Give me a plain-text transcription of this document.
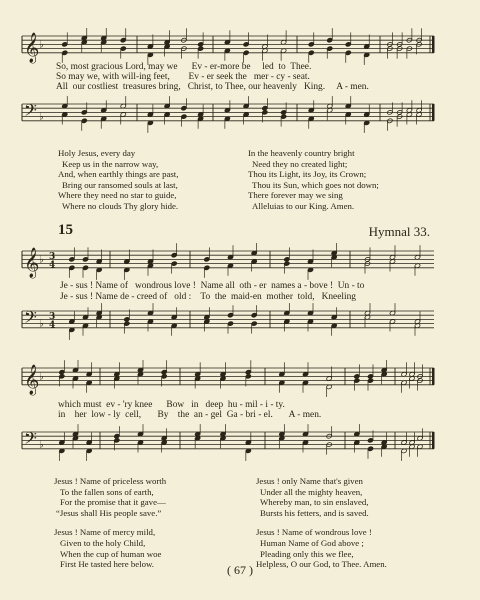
𝄞 ♭
So, most gracious Lord, may we      Ev - er-more be     led  to  Thee.
So may we, with will-ing feet,        Ev - er seek the   mer - cy - seat.
All  our costliest  treasures bring,   Christ, to Thee, our heavenly   King.     A - men.
𝄢 ♭
Holy Jesus, every day
Keep us in the narrow way,
And, when earthly things are past,
Bring our ransomed souls at last,
Where they need no star to guide,
Where no clouds Thy glory hide.
In the heavenly country bright
Need they no created light;
Thou its Light, its Joy, its Crown;
Thou its Sun, which goes not down;
There forever may we sing
Alleluias to our King. Amen.
15	Hymnal 33.
𝄞 ♭ 3
4
Je - sus ! Name of   wondrous love !  Name all  oth - er  names a - bove !  Un - to
Je - sus ! Name de - creed of   old :    To  the  maid-en  mother  told,   Kneeling
𝄢 ♭
3
4
𝄞 ♭
which must  ev - 'ry knee      Bow   in   deep  hu - mil - i - ty.
in    her  low - ly  cell,       By    the  an - gel  Ga - bri - el.       A - men.
𝄢 ♭
Jesus ! Name of priceless worth
To the fallen sons of earth,
For the promise that it gave—
“Jesus shall His people save.”
Jesus ! Name of mercy mild,
Given to the holy Child,
When the cup of human woe
First He tasted here below.
Jesus ! only Name that's given
Under all the mighty heaven,
Whereby man, to sin enslaved,
Bursts his fetters, and is saved.
Jesus ! Name of wondrous love !
Human Name of God above ;
Pleading only this we flee,
Helpless, O our God, to Thee. Amen.
( 67 )
